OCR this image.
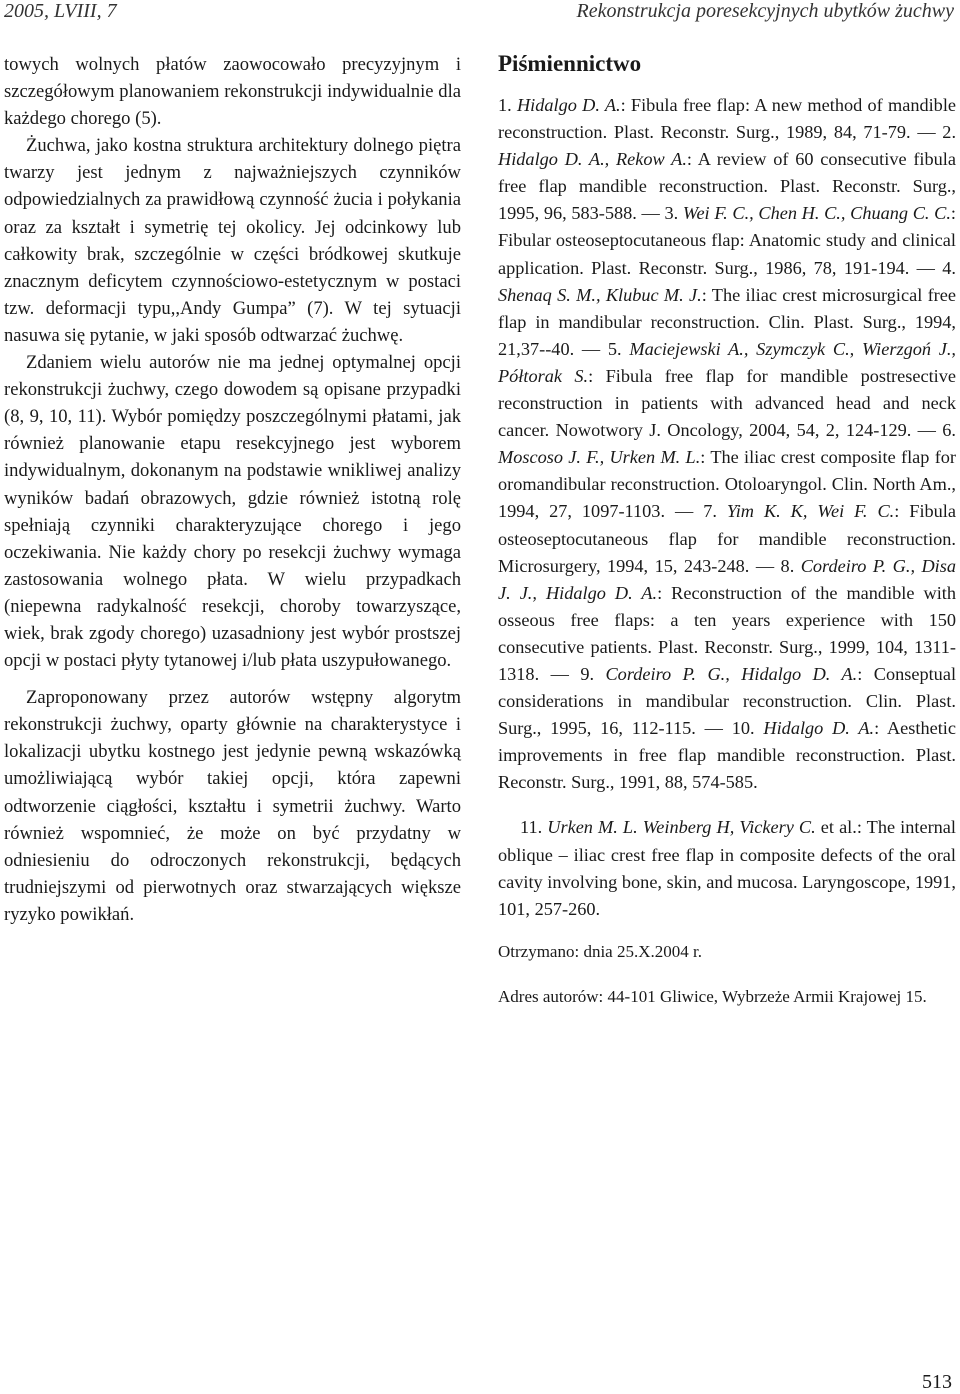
2005, LVIII, 7	Rekonstrukcja poresekcyjnych ubytków żuchwy

towych wolnych płatów zaowocowało precyzyjnym i szczegółowym planowaniem rekonstrukcji indywidualnie dla każdego chorego (5).

Żuchwa, jako kostna struktura architektury dolnego piętra twarzy jest jednym z najważniejszych czynników odpowiedzialnych za prawidłową czynność żucia i połykania oraz za kształt i symetrię tej okolicy. Jej odcinkowy lub całkowity brak, szczególnie w części bródkowej skutkuje znacznym deficytem czynnościowo-estetycznym w postaci tzw. deformacji typu,,Andy Gumpa” (7). W tej sytuacji nasuwa się pytanie, w jaki sposób odtwarzać żuchwę.

Zdaniem wielu autorów nie ma jednej optymalnej opcji rekonstrukcji żuchwy, czego dowodem są opisane przypadki (8, 9, 10, 11). Wybór pomiędzy poszczególnymi płatami, jak również planowanie etapu resekcyjnego jest wyborem indywidualnym, dokonanym na podstawie wnikliwej analizy wyników badań obrazowych, gdzie również istotną rolę spełniają czynniki charakteryzujące chorego i jego oczekiwania. Nie każdy chory po resekcji żuchwy wymaga zastosowania wolnego płata. W wielu przypadkach (niepewna radykalność resekcji, choroby towarzyszące, wiek, brak zgody chorego) uzasadniony jest wybór prostszej opcji w postaci płyty tytanowej i/lub płata uszypułowanego.

Zaproponowany przez autorów wstępny algorytm rekonstrukcji żuchwy, oparty głównie na charakterystyce i lokalizacji ubytku kostnego jest jedynie pewną wskazówką umożliwiającą wybór takiej opcji, która zapewni odtworzenie ciągłości, kształtu i symetrii żuchwy. Warto również wspomnieć, że może on być przydatny w odniesieniu do odroczonych rekonstrukcji, będących trudniejszymi od pierwotnych oraz stwarzających większe ryzyko powikłań.

Piśmiennictwo

1. Hidalgo D. A.: Fibula free flap: A new method of mandible reconstruction. Plast. Reconstr. Surg., 1989, 84, 71-79. — 2. Hidalgo D. A., Rekow A.: A review of 60 consecutive fibula free flap mandible reconstruction. Plast. Reconstr. Surg., 1995, 96, 583-588. — 3. Wei F. C., Chen H. C., Chuang C. C.: Fibular osteoseptocutaneous flap: Anatomic study and clinical application. Plast. Reconstr. Surg., 1986, 78, 191-194. — 4. Shenaq S. M., Klubuc M. J.: The iliac crest microsurgical free flap in mandibular reconstruction. Clin. Plast. Surg., 1994, 21,37--40. — 5. Maciejewski A., Szymczyk C., Wierzgoń J., Półtorak S.: Fibula free flap for mandible postresective reconstruction in patients with advanced head and neck cancer. Nowotwory J. Oncology, 2004, 54, 2, 124-129. — 6. Moscoso J. F., Urken M. L.: The iliac crest composite flap for oromandibular reconstruction. Otoloaryngol. Clin. North Am., 1994, 27, 1097-1103. — 7. Yim K. K, Wei F. C.: Fibula osteoseptocutaneous flap for mandible reconstruction. Microsurgery, 1994, 15, 243-248. — 8. Cordeiro P. G., Disa J. J., Hidalgo D. A.: Reconstruction of the mandible with osseous free flaps: a ten years experience with 150 consecutive patients. Plast. Reconstr. Surg., 1999, 104, 1311-1318. — 9. Cordeiro P. G., Hidalgo D. A.: Conseptual considerations in mandibular reconstruction. Clin. Plast. Surg., 1995, 16, 112-115. — 10. Hidalgo D. A.: Aesthetic improvements in free flap mandible reconstruction. Plast. Reconstr. Surg., 1991, 88, 574-585.

11. Urken M. L. Weinberg H, Vickery C. et al.: The internal oblique – iliac crest free flap in composite defects of the oral cavity involving bone, skin, and mucosa. Laryngoscope, 1991, 101, 257-260.

Otrzymano: dnia 25.X.2004 r.
Adres autorów: 44-101 Gliwice, Wybrzeże Armii Krajowej 15.
513
